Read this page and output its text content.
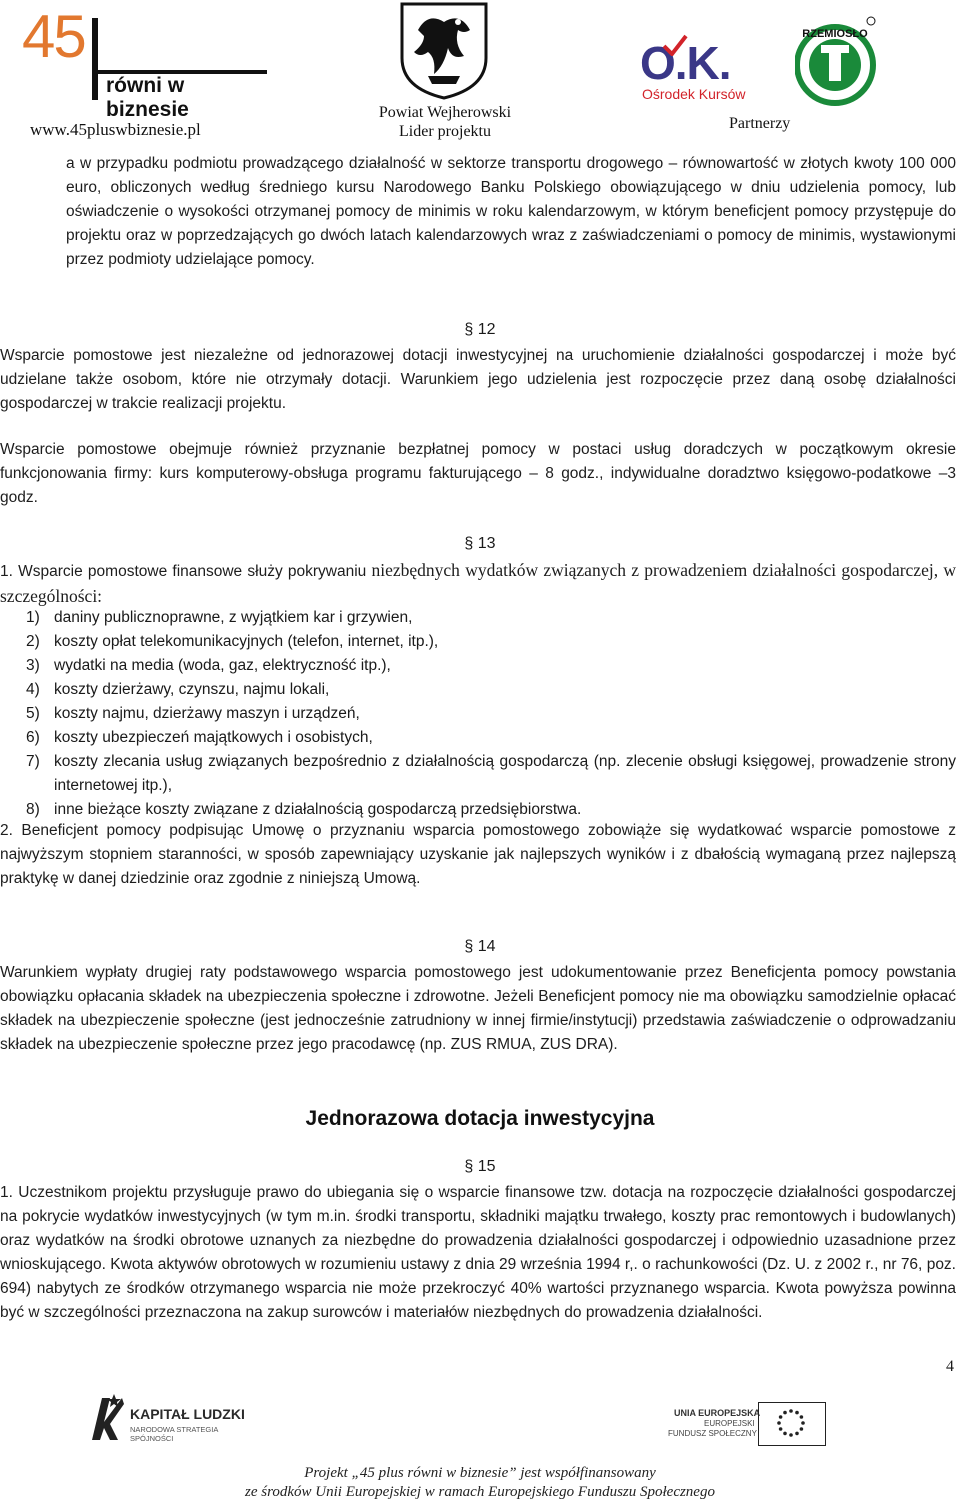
45
równi w biznesie
www.45pluswbiznesie.pl
Powiat Wejherowski
Lider projektu
O.K.
Ośrodek Kursów
RZEMIOSŁO
Partnerzy
a w przypadku podmiotu prowadzącego działalność w sektorze transportu drogowego – równowartość w złotych kwoty 100 000 euro, obliczonych według średniego kursu Narodowego Banku Polskiego obowiązującego w dniu udzielenia pomocy, lub oświadczenie o wysokości otrzymanej pomocy de minimis w roku kalendarzowym, w którym beneficjent pomocy przystępuje do projektu oraz w poprzedzających go dwóch latach kalendarzowych wraz z zaświadczeniami o pomocy de minimis, wystawionymi przez podmioty udzielające pomocy.
§ 12
Wsparcie pomostowe jest niezależne od jednorazowej dotacji inwestycyjnej na uruchomienie działalności gospodarczej i może być udzielane także osobom, które nie otrzymały dotacji. Warunkiem jego udzielenia jest rozpoczęcie przez daną osobę działalności gospodarczej w trakcie realizacji projektu.
Wsparcie pomostowe obejmuje również przyznanie bezpłatnej pomocy w postaci usług doradczych w początkowym okresie funkcjonowania firmy: kurs komputerowy-obsługa programu fakturującego – 8 godz., indywidualne doradztwo księgowo-podatkowe –3 godz.
§ 13
1. Wsparcie pomostowe finansowe służy pokrywaniu niezbędnych wydatków związanych z prowadzeniem działalności gospodarczej, w szczególności:
1) daniny publicznoprawne, z wyjątkiem kar i grzywien,
2) koszty opłat telekomunikacyjnych (telefon, internet, itp.),
3) wydatki na media (woda, gaz, elektryczność itp.),
4) koszty dzierżawy, czynszu, najmu lokali,
5) koszty najmu, dzierżawy maszyn i urządzeń,
6) koszty ubezpieczeń majątkowych i osobistych,
7) koszty zlecania usług związanych bezpośrednio z działalnością gospodarczą (np. zlecenie obsługi księgowej, prowadzenie strony internetowej itp.),
8) inne bieżące koszty związane z działalnością gospodarczą przedsiębiorstwa.
2. Beneficjent pomocy podpisując Umowę o przyznaniu wsparcia pomostowego zobowiąże się wydatkować wsparcie pomostowe z najwyższym stopniem staranności, w sposób zapewniający uzyskanie jak najlepszych wyników i z dbałością wymaganą przez najlepszą praktykę w danej dziedzinie oraz zgodnie z niniejszą Umową.
§ 14
Warunkiem wypłaty drugiej raty podstawowego wsparcia pomostowego jest udokumentowanie przez Beneficjenta pomocy powstania obowiązku opłacania składek na ubezpieczenia społeczne i zdrowotne. Jeżeli Beneficjent pomocy nie ma obowiązku samodzielnie opłacać składek na ubezpieczenie społeczne (jest jednocześnie zatrudniony w innej firmie/instytucji) przedstawia zaświadczenie o odprowadzaniu składek na ubezpieczenie społeczne przez jego pracodawcę (np. ZUS RMUA, ZUS DRA).
Jednorazowa dotacja inwestycyjna
§ 15
1. Uczestnikom projektu przysługuje prawo do ubiegania się o wsparcie finansowe tzw. dotacja na rozpoczęcie działalności gospodarczej na pokrycie wydatków inwestycyjnych (w tym m.in. środki transportu, składniki majątku trwałego, koszty prac remontowych i budowlanych) oraz wydatków na środki obrotowe uznanych za niezbędne do prowadzenia działalności gospodarczej i odpowiednio uzasadnione przez wnioskującego. Kwota aktywów obrotowych w rozumieniu ustawy z dnia 29 września 1994 r,. o rachunkowości (Dz. U. z 2002 r., nr 76, poz. 694) nabytych ze środków otrzymanego wsparcia nie może przekroczyć 40% wartości przyznanego wsparcia. Kwota powyższa powinna być w szczególności przeznaczona na zakup surowców i materiałów niezbędnych do prowadzenia działalności.
4
KAPITAŁ LUDZKI
NARODOWA STRATEGIA SPÓJNOŚCI
UNIA EUROPEJSKA
EUROPEJSKI
FUNDUSZ SPOŁECZNY
Projekt „45 plus równi w biznesie” jest współfinansowany
ze środków Unii Europejskiej w ramach Europejskiego Funduszu Społecznego
